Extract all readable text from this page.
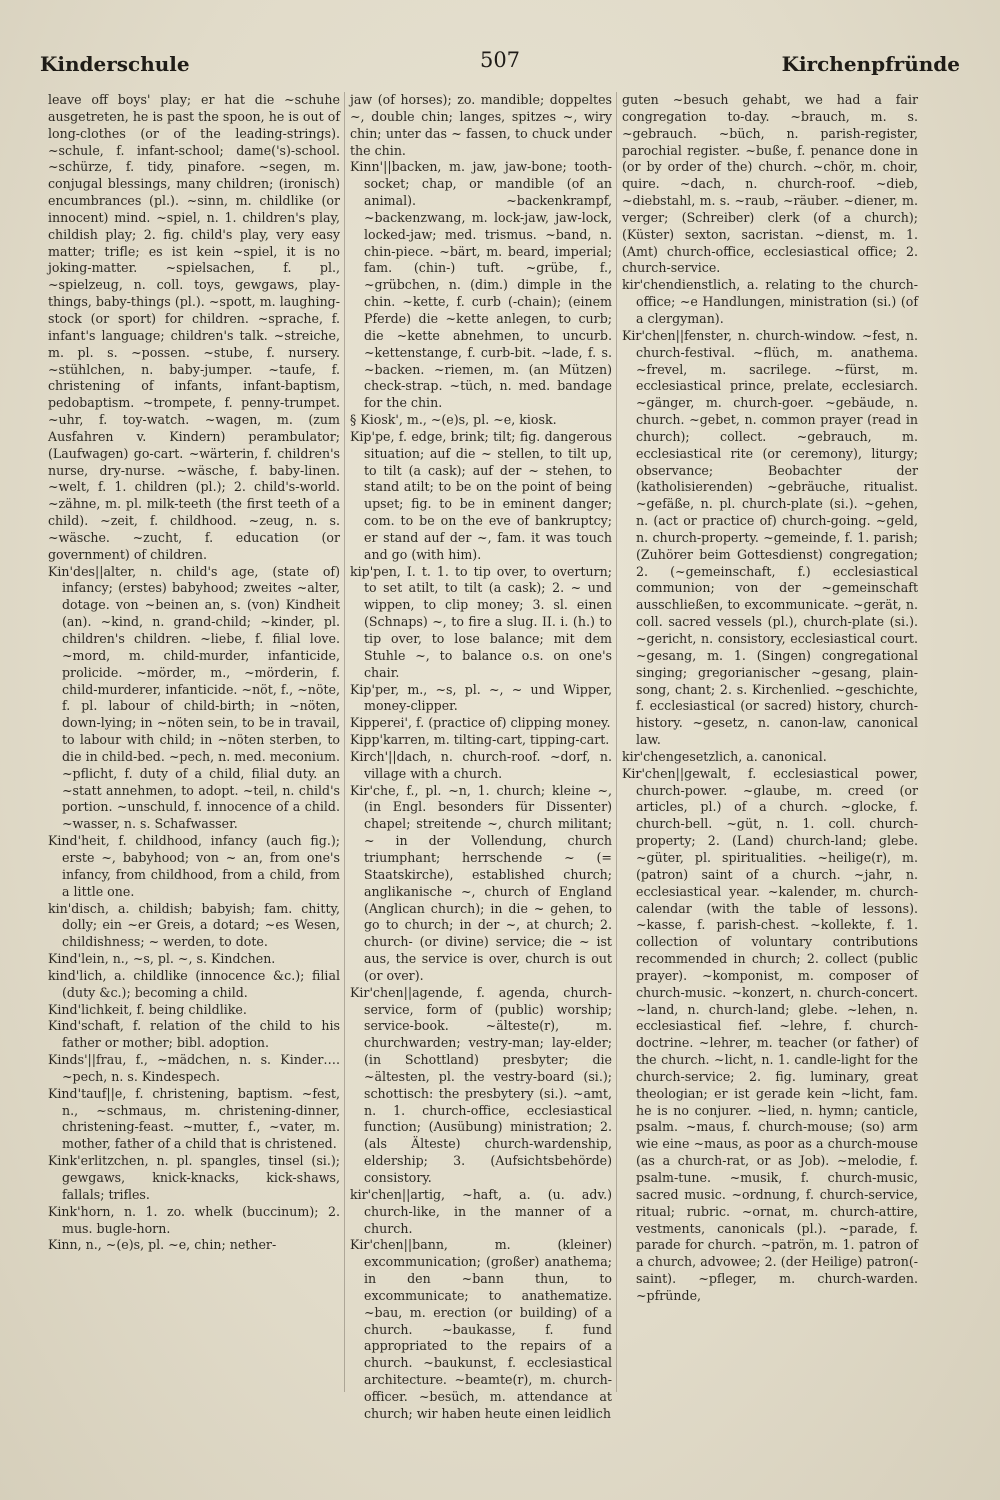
Kinderschule	507	Kirchenpfründe

leave off boys' play; er hat die ~schuhe ausgetreten, he is past the spoon, he is out of long-clothes (or of the leading-strings). ~schule, f. infant-school; dame('s)-school. ~schürze, f. tidy, pinafore. ~segen, m. conjugal blessings, many children; (ironisch) encumbrances (pl.). ~sinn, m. childlike (or innocent) mind. ~spiel, n. 1. children's play, childish play; 2. fig. child's play, very easy matter; trifle; es ist kein ~spiel, it is no joking-matter. ~spielsachen, f. pl., ~spielzeug, n. coll. toys, gewgaws, play-things, baby-things (pl.). ~spott, m. laughing-stock (or sport) for children. ~sprache, f. infant's language; children's talk. ~streiche, m. pl. s. ~possen. ~stube, f. nursery. ~stühlchen, n. baby-jumper. ~taufe, f. christening of infants, infant-baptism, pedobaptism. ~trompete, f. penny-trumpet. ~uhr, f. toy-watch. ~wagen, m. (zum Ausfahren v. Kindern) perambulator; (Laufwagen) go-cart. ~wärterin, f. children's nurse, dry-nurse. ~wäsche, f. baby-linen. ~welt, f. 1. children (pl.); 2. child's-world. ~zähne, m. pl. milk-teeth (the first teeth of a child). ~zeit, f. childhood. ~zeug, n. s. ~wäsche. ~zucht, f. education (or government) of children.

Kin'des||alter, n. child's age, (state of) infancy; (erstes) babyhood; zweites ~alter, dotage. von ~beinen an, s. (von) Kindheit (an). ~kind, n. grand-child; ~kinder, pl. children's children. ~liebe, f. filial love. ~mord, m. child-murder, infanticide, prolicide. ~mörder, m., ~mörderin, f. child-murderer, infanticide. ~nöt, f., ~nöte, f. pl. labour of child-birth; in ~nöten, down-lying; in ~nöten sein, to be in travail, to labour with child; in ~nöten sterben, to die in child-bed. ~pech, n. med. meconium. ~pflicht, f. duty of a child, filial duty. an ~statt annehmen, to adopt. ~teil, n. child's portion. ~unschuld, f. innocence of a child. ~wasser, n. s. Schafwasser.

Kind'heit, f. childhood, infancy (auch fig.); erste ~, babyhood; von ~ an, from one's infancy, from childhood, from a child, from a little one.

kin'disch, a. childish; babyish; fam. chitty, dolly; ein ~er Greis, a dotard; ~es Wesen, childishness; ~ werden, to dote.

Kind'lein, n., ~s, pl. ~, s. Kindchen.

kind'lich, a. childlike (innocence &c.); filial (duty &c.); becoming a child.

Kind'lichkeit, f. being childlike.

Kind'schaft, f. relation of the child to his father or mother; bibl. adoption.

Kinds'||frau, f., ~mädchen, n. s. Kinder…. ~pech, n. s. Kindespech.

Kind'tauf||e, f. christening, baptism. ~fest, n., ~schmaus, m. christening-dinner, christening-feast. ~mutter, f., ~vater, m. mother, father of a child that is christened.

Kink'erlitzchen, n. pl. spangles, tinsel (si.); gewgaws, knick-knacks, kick-shaws, fallals; trifles.

Kink'horn, n. 1. zo. whelk (buccinum); 2. mus. bugle-horn.

Kinn, n., ~(e)s, pl. ~e, chin; nether-

jaw (of horses); zo. mandible; doppeltes ~, double chin; langes, spitzes ~, wiry chin; unter das ~ fassen, to chuck under the chin.

Kinn'||backen, m. jaw, jaw-bone; tooth-socket; chap, or mandible (of an animal). ~backenkrampf, ~backenzwang, m. lock-jaw, jaw-lock, locked-jaw; med. trismus. ~band, n. chin-piece. ~bärt, m. beard, imperial; fam. (chin-) tuft. ~grübe, f., ~grübchen, n. (dim.) dimple in the chin. ~kette, f. curb (-chain); (einem Pferde) die ~kette anlegen, to curb; die ~kette abnehmen, to uncurb. ~kettenstange, f. curb-bit. ~lade, f. s. ~backen. ~riemen, m. (an Mützen) check-strap. ~tüch, n. med. bandage for the chin.

§ Kiosk', m., ~(e)s, pl. ~e, kiosk.

Kip'pe, f. edge, brink; tilt; fig. dangerous situation; auf die ~ stellen, to tilt up, to tilt (a cask); auf der ~ stehen, to stand atilt; to be on the point of being upset; fig. to be in eminent danger; com. to be on the eve of bankruptcy; er stand auf der ~, fam. it was touch and go (with him).

kip'pen, I. t. 1. to tip over, to overturn; to set atilt, to tilt (a cask); 2. ~ und wippen, to clip money; 3. sl. einen (Schnaps) ~, to fire a slug. II. i. (h.) to tip over, to lose balance; mit dem Stuhle ~, to balance o.s. on one's chair.

Kip'per, m., ~s, pl. ~, ~ und Wipper, money-clipper.

Kipperei', f. (practice of) clipping money.

Kipp'karren, m. tilting-cart, tipping-cart.

Kirch'||dach, n. church-roof. ~dorf, n. village with a church.

Kir'che, f., pl. ~n, 1. church; kleine ~, (in Engl. besonders für Dissenter) chapel; streitende ~, church militant; ~ in der Vollendung, church triumphant; herrschende ~ (= Staatskirche), established church; anglikanische ~, church of England (Anglican church); in die ~ gehen, to go to church; in der ~, at church; 2. church- (or divine) service; die ~ ist aus, the service is over, church is out (or over).

Kir'chen||agende, f. agenda, church-service, form of (public) worship; service-book. ~älteste(r), m. churchwarden; vestry-man; lay-elder; (in Schottland) presbyter; die ~ältesten, pl. the vestry-board (si.); schottisch: the presbytery (si.). ~amt, n. 1. church-office, ecclesiastical function; (Ausübung) ministration; 2. (als Älteste) church-wardenship, eldership; 3. (Aufsichtsbehörde) consistory.

kir'chen||artig, ~haft, a. (u. adv.) church-like, in the manner of a church.

Kir'chen||bann, m. (kleiner) excommunication; (großer) anathema; in den ~bann thun, to excommunicate; to anathematize. ~bau, m. erection (or building) of a church. ~baukasse, f. fund appropriated to the repairs of a church. ~baukunst, f. ecclesiastical architecture. ~beamte(r), m. church-officer. ~besüch, m. attendance at church; wir haben heute einen leidlich

guten ~besuch gehabt, we had a fair congregation to-day. ~brauch, m. s. ~gebrauch. ~büch, n. parish-register, parochial register. ~buße, f. penance done in (or by order of the) church. ~chör, m. choir, quire. ~dach, n. church-roof. ~dieb, ~diebstahl, m. s. ~raub, ~räuber. ~diener, m. verger; (Schreiber) clerk (of a church); (Küster) sexton, sacristan. ~dienst, m. 1. (Amt) church-office, ecclesiastical office; 2. church-service.

kir'chendienstlich, a. relating to the church-office; ~e Handlungen, ministration (si.) (of a clergyman).

Kir'chen||fenster, n. church-window. ~fest, n. church-festival. ~flüch, m. anathema. ~frevel, m. sacrilege. ~fürst, m. ecclesiastical prince, prelate, ecclesiarch. ~gänger, m. church-goer. ~gebäude, n. church. ~gebet, n. common prayer (read in church); collect. ~gebrauch, m. ecclesiastical rite (or ceremony), liturgy; observance; Beobachter der (katholisierenden) ~gebräuche, ritualist. ~gefäße, n. pl. church-plate (si.). ~gehen, n. (act or practice of) church-going. ~geld, n. church-property. ~gemeinde, f. 1. parish; (Zuhörer beim Gottesdienst) congregation; 2. (~gemeinschaft, f.) ecclesiastical communion; von der ~gemeinschaft ausschließen, to excommunicate. ~gerät, n. coll. sacred vessels (pl.), church-plate (si.). ~gericht, n. consistory, ecclesiastical court. ~gesang, m. 1. (Singen) congregational singing; gregorianischer ~gesang, plain-song, chant; 2. s. Kirchenlied. ~geschichte, f. ecclesiastical (or sacred) history, church-history. ~gesetz, n. canon-law, canonical law.

kir'chengesetzlich, a. canonical.

Kir'chen||gewalt, f. ecclesiastical power, church-power. ~glaube, m. creed (or articles, pl.) of a church. ~glocke, f. church-bell. ~güt, n. 1. coll. church-property; 2. (Land) church-land; glebe. ~güter, pl. spiritualities. ~heilige(r), m. (patron) saint of a church. ~jahr, n. ecclesiastical year. ~kalender, m. church-calendar (with the table of lessons). ~kasse, f. parish-chest. ~kollekte, f. 1. collection of voluntary contributions recommended in church; 2. collect (public prayer). ~komponist, m. composer of church-music. ~konzert, n. church-concert. ~land, n. church-land; glebe. ~lehen, n. ecclesiastical fief. ~lehre, f. church-doctrine. ~lehrer, m. teacher (or father) of the church. ~licht, n. 1. candle-light for the church-service; 2. fig. luminary, great theologian; er ist gerade kein ~licht, fam. he is no conjurer. ~lied, n. hymn; canticle, psalm. ~maus, f. church-mouse; (so) arm wie eine ~maus, as poor as a church-mouse (as a church-rat, or as Job). ~melodie, f. psalm-tune. ~musik, f. church-music, sacred music. ~ordnung, f. church-service, ritual; rubric. ~ornat, m. church-attire, vestments, canonicals (pl.). ~parade, f. parade for church. ~patrön, m. 1. patron of a church, advowee; 2. (der Heilige) patron(-saint). ~pfleger, m. church-warden. ~pfründe,
